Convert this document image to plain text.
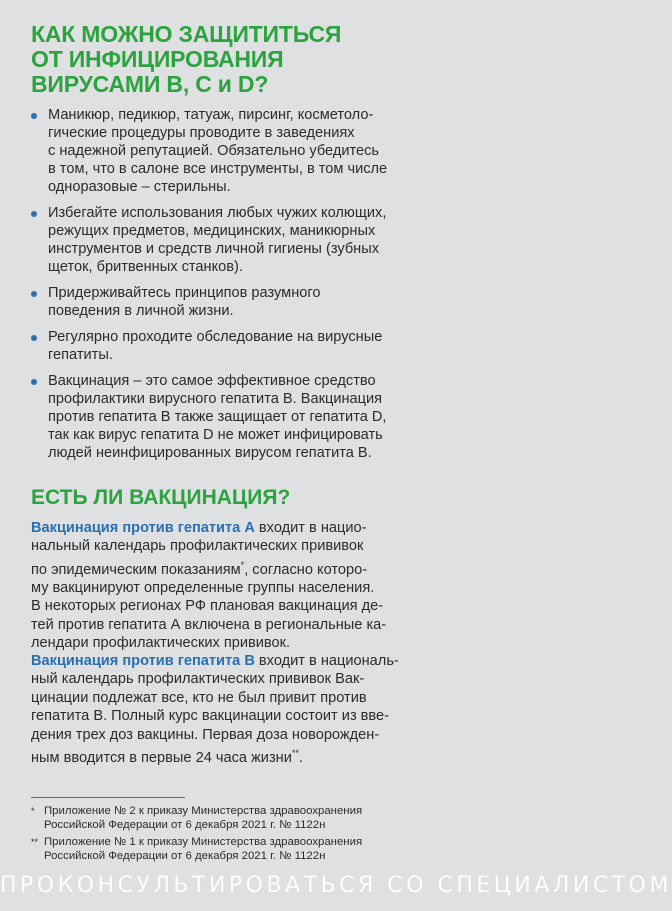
КАК МОЖНО ЗАЩИТИТЬСЯ
ОТ ИНФИЦИРОВАНИЯ
ВИРУСАМИ В, С и D?
Маникюр, педикюр, татуаж, пирсинг, косметоло-
гические процедуры проводите в заведениях
с надежной репутацией. Обязательно убедитесь
в том, что в салоне все инструменты, в том числе
одноразовые – стерильны.
Избегайте использования любых чужих колющих,
режущих предметов, медицинских, маникюрных
инструментов и средств личной гигиены (зубных
щеток, бритвенных станков).
Придерживайтесь принципов разумного
поведения в личной жизни.
Регулярно проходите обследование на вирусные
гепатиты.
Вакцинация – это самое эффективное средство
профилактики вирусного гепатита В. Вакцинация
против гепатита В также защищает от гепатита D,
так как вирус гепатита D не может инфицировать
людей неинфицированных вирусом гепатита В.
ЕСТЬ ЛИ ВАКЦИНАЦИЯ?
Вакцинация против гепатита А входит в нацио-
нальный календарь профилактических прививок
по эпидемическим показаниям*, согласно которо-
му вакцинируют определенные группы населения.
В некоторых регионах РФ плановая вакцинация де-
тей против гепатита А включена в региональные ка-
лендари профилактических прививок.
Вакцинация против гепатита В входит в националь-
ный календарь профилактических прививок Вак-
цинации подлежат все, кто не был привит против
гепатита В. Полный курс вакцинации состоит из вве-
дения трех доз вакцины. Первая доза новорожден-
ным вводится в первые 24 часа жизни**.
* Приложение № 2 к приказу Министерства здравоохранения
Российской Федерации от 6 декабря 2021 г. № 1122н
** Приложение № 1 к приказу Министерства здравоохранения
Российской Федерации от 6 декабря 2021 г. № 1122н
ПРОКОНСУЛЬТИРОВАТЬСЯ СО СПЕЦИАЛИСТОМ
